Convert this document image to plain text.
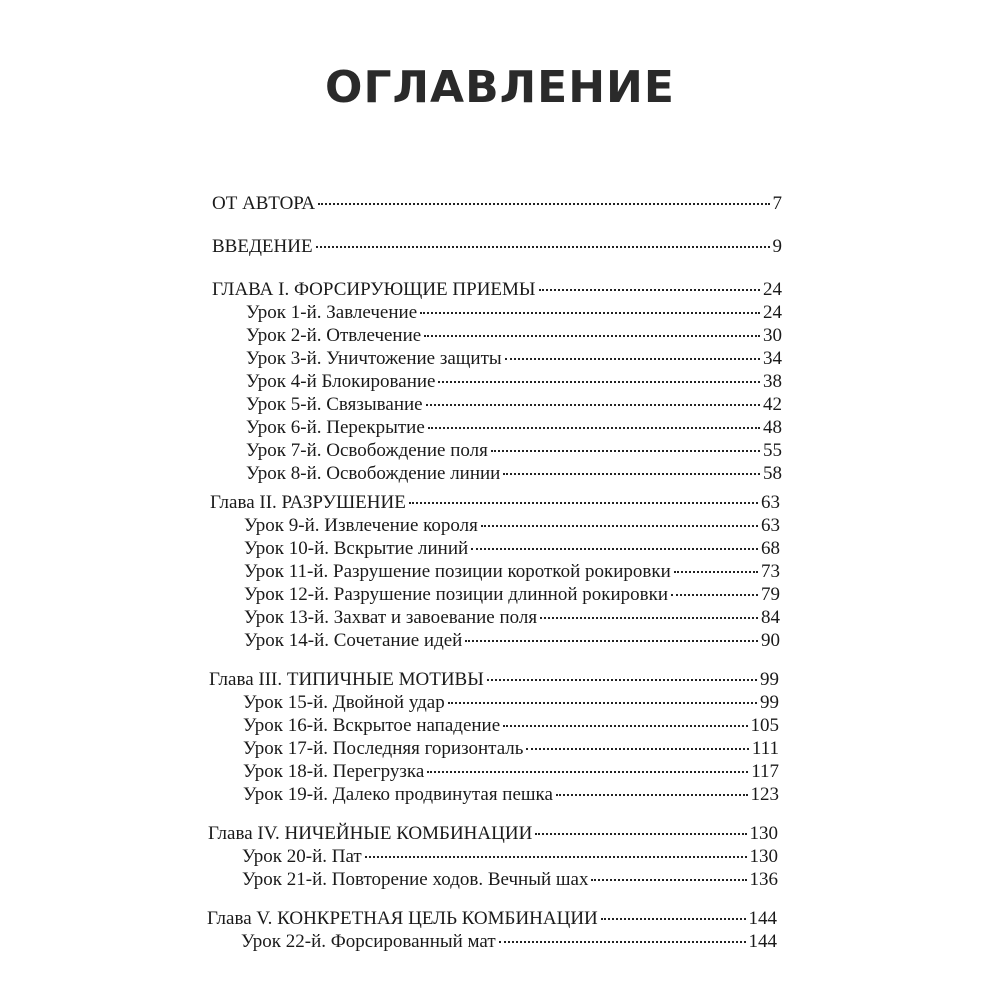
ОГЛАВЛЕНИЕ
ОТ АВТОРА	7
ВВЕДЕНИЕ	9
ГЛАВА I. ФОРСИРУЮЩИЕ ПРИЕМЫ	24
Урок 1-й. Завлечение	24
Урок 2-й. Отвлечение	30
Урок 3-й. Уничтожение защиты	34
Урок 4-й Блокирование	38
Урок 5-й. Связывание	42
Урок 6-й. Перекрытие	48
Урок 7-й. Освобождение поля	55
Урок 8-й. Освобождение линии	58
Глава II. РАЗРУШЕНИЕ	63
Урок 9-й. Извлечение короля	63
Урок 10-й. Вскрытие линий	68
Урок 11-й. Разрушение позиции короткой рокировки	73
Урок 12-й. Разрушение позиции длинной рокировки	79
Урок 13-й. Захват и завоевание поля	84
Урок 14-й. Сочетание идей	90
Глава III. ТИПИЧНЫЕ МОТИВЫ	99
Урок 15-й. Двойной удар	99
Урок 16-й. Вскрытое нападение	105
Урок 17-й. Последняя горизонталь	111
Урок 18-й. Перегрузка	117
Урок 19-й. Далеко продвинутая пешка	123
Глава IV. НИЧЕЙНЫЕ КОМБИНАЦИИ	130
Урок 20-й. Пат	130
Урок 21-й. Повторение ходов. Вечный шах	136
Глава V. КОНКРЕТНАЯ ЦЕЛЬ КОМБИНАЦИИ	144
Урок 22-й. Форсированный мат	144
